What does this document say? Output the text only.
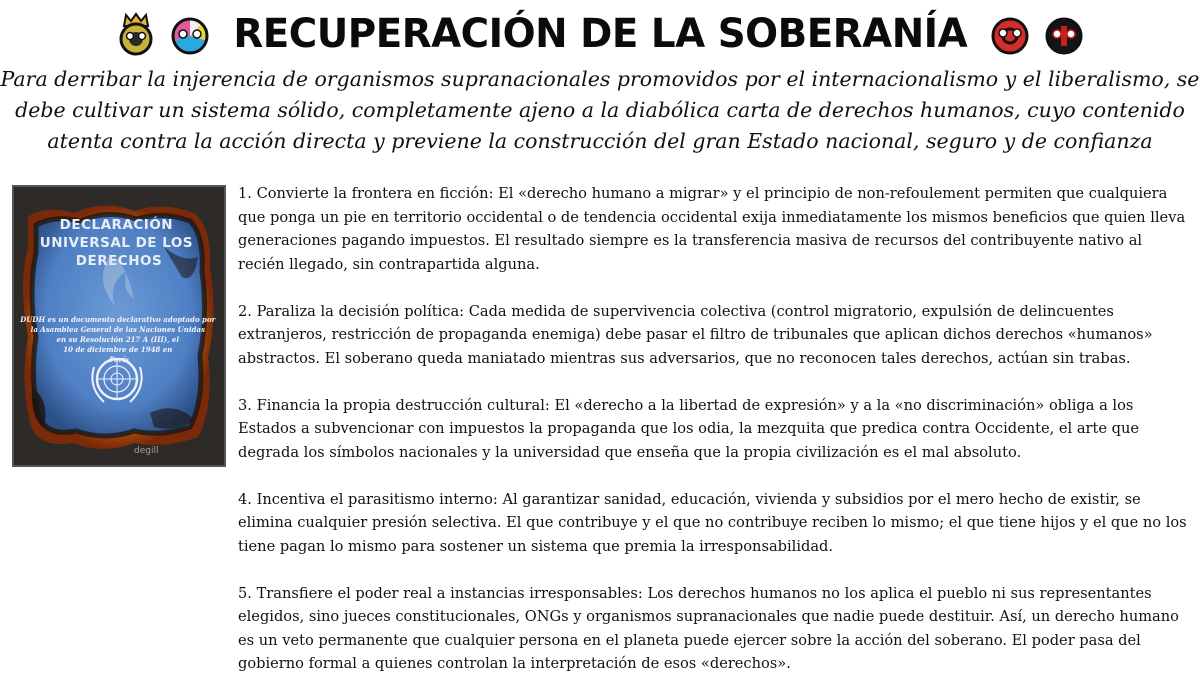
RECUPERACIÓN DE LA SOBERANÍA
Para derribar la injerencia de organismos supranacionales promovidos por el internacionalismo y el liberalismo, se debe cultivar un sistema sólido, completamente ajeno a la diabólica carta de derechos humanos, cuyo contenido atenta contra la acción directa y previene la construcción del gran Estado nacional, seguro y de confianza
DECLARACIÓN UNIVERSAL DE LOS DERECHOS
DUDH es un documento declarativo adoptado por la Asamblea General de las Naciones Unidas en su Resolución 217 A (III), el 10 de diciembre de 1948 en París
degill

1. Convierte la frontera en ficción: El «derecho humano a migrar» y el principio de non-refoulement permiten que cualquiera que ponga un pie en territorio occidental o de tendencia occidental exija inmediatamente los mismos beneficios que quien lleva generaciones pagando impuestos. El resultado siempre es la transferencia masiva de recursos del contribuyente nativo al recién llegado, sin contrapartida alguna.

2. Paraliza la decisión política: Cada medida de supervivencia colectiva (control migratorio, expulsión de delincuentes extranjeros, restricción de propaganda enemiga) debe pasar el filtro de tribunales que aplican dichos derechos «humanos» abstractos. El soberano queda maniatado mientras sus adversarios, que no reconocen tales derechos, actúan sin trabas.

3. Financia la propia destrucción cultural: El «derecho a la libertad de expresión» y a la «no discriminación» obliga a los Estados a subvencionar con impuestos la propaganda que los odia, la mezquita que predica contra Occidente, el arte que degrada los símbolos nacionales y la universidad que enseña que la propia civilización es el mal absoluto.

4. Incentiva el parasitismo interno: Al garantizar sanidad, educación, vivienda y subsidios por el mero hecho de existir, se elimina cualquier presión selectiva. El que contribuye y el que no contribuye reciben lo mismo; el que tiene hijos y el que no los tiene pagan lo mismo para sostener un sistema que premia la irresponsabilidad.

5. Transfiere el poder real a instancias irresponsables: Los derechos humanos no los aplica el pueblo ni sus representantes elegidos, sino jueces constitucionales, ONGs y organismos supranacionales que nadie puede destituir. Así, un derecho humano es un veto permanente que cualquier persona en el planeta puede ejercer sobre la acción del soberano. El poder pasa del gobierno formal a quienes controlan la interpretación de esos «derechos».
